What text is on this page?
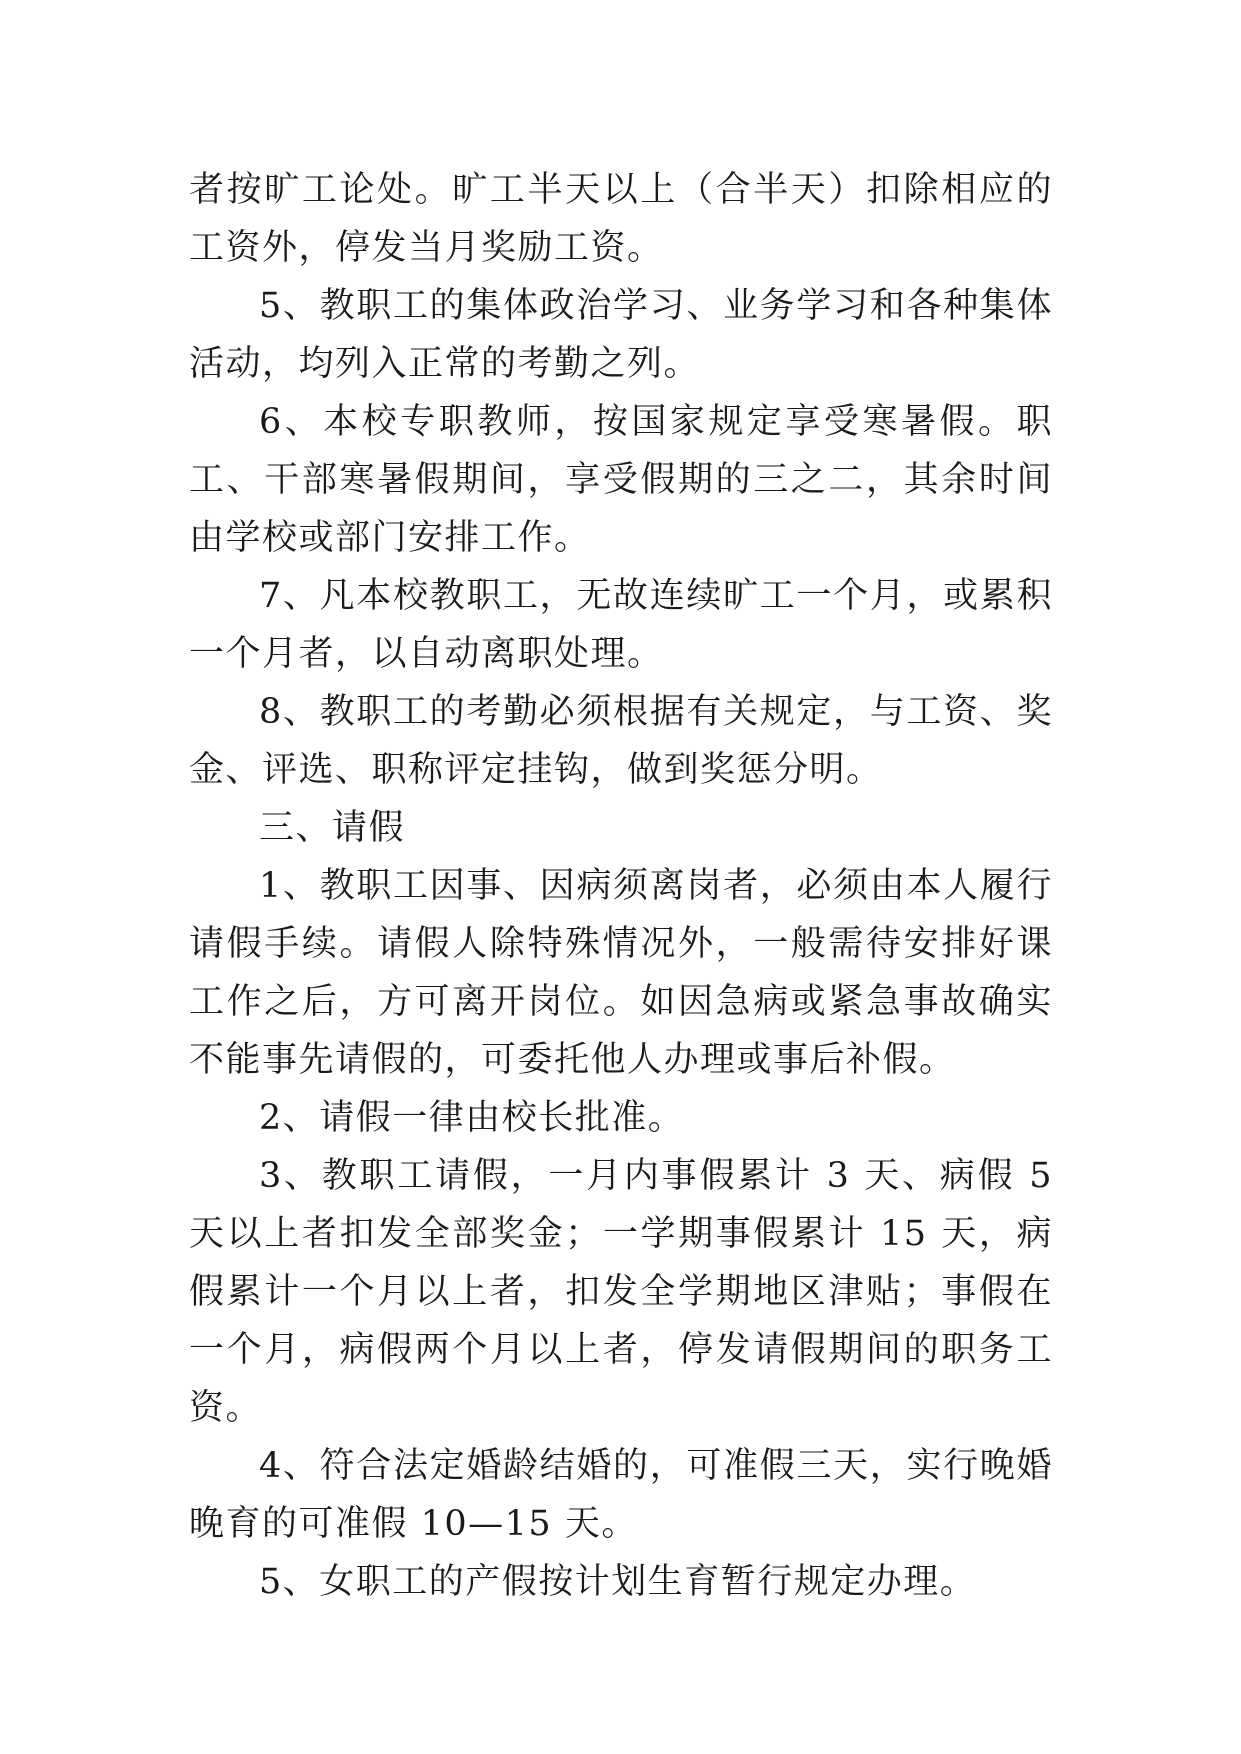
者按旷工论处。旷工半天以上（合半天）扣除相应的工资外，停发当月奖励工资。

5、教职工的集体政治学习、业务学习和各种集体活动，均列入正常的考勤之列。

6、本校专职教师，按国家规定享受寒暑假。职工、干部寒暑假期间，享受假期的三之二，其余时间由学校或部门安排工作。

7、凡本校教职工，无故连续旷工一个月，或累积一个月者，以自动离职处理。

8、教职工的考勤必须根据有关规定，与工资、奖金、评选、职称评定挂钩，做到奖惩分明。

三、请假

1、教职工因事、因病须离岗者，必须由本人履行请假手续。请假人除特殊情况外，一般需待安排好课工作之后，方可离开岗位。如因急病或紧急事故确实不能事先请假的，可委托他人办理或事后补假。

2、请假一律由校长批准。

3、教职工请假，一月内事假累计 3 天、病假 5 天以上者扣发全部奖金；一学期事假累计 15 天，病假累计一个月以上者，扣发全学期地区津贴；事假在一个月，病假两个月以上者，停发请假期间的职务工资。

4、符合法定婚龄结婚的，可准假三天，实行晚婚晚育的可准假 10—15 天。

5、女职工的产假按计划生育暂行规定办理。
